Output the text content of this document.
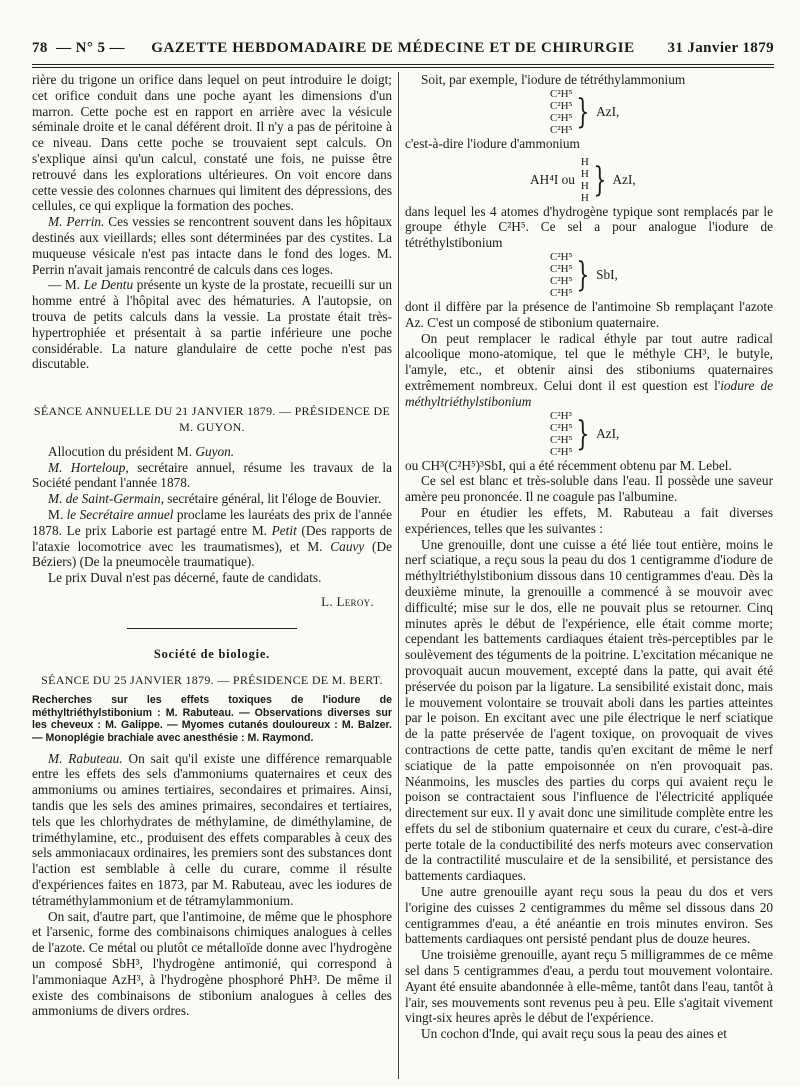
78 — N° 5 —	GAZETTE HEBDOMADAIRE DE MÉDECINE ET DE CHIRURGIE	31 Janvier 1879

rière du trigone un orifice dans lequel on peut introduire le doigt; cet orifice conduit dans une poche ayant les dimensions d'un marron. Cette poche est en rapport en arrière avec la vésicule séminale droite et le canal déférent droit. Il n'y a pas de péritoine à ce niveau. Dans cette poche se trouvaient sept calculs. On s'explique ainsi qu'un calcul, constaté une fois, ne puisse être retrouvé dans les explorations ultérieures. On voit encore dans cette vessie des colonnes charnues qui limitent des dépressions, des cellules, ce qui explique la formation des poches.

M. Perrin. Ces vessies se rencontrent souvent dans les hôpitaux destinés aux vieillards; elles sont déterminées par des cystites. La muqueuse vésicale n'est pas intacte dans le fond des loges. M. Perrin n'avait jamais rencontré de calculs dans ces loges.

— M. Le Dentu présente un kyste de la prostate, recueilli sur un homme entré à l'hôpital avec des hématuries. A l'autopsie, on trouva de petits calculs dans la vessie. La prostate était très-hypertrophiée et présentait à sa partie inférieure une poche considérable. La nature glandulaire de cette poche n'est pas discutable.

SÉANCE ANNUELLE DU 21 JANVIER 1879. — PRÉSIDENCE DE M. GUYON.

Allocution du président M. Guyon.

M. Horteloup, secrétaire annuel, résume les travaux de la Société pendant l'année 1878.

M. de Saint-Germain, secrétaire général, lit l'éloge de Bouvier.

M. le Secrétaire annuel proclame les lauréats des prix de l'année 1878. Le prix Laborie est partagé entre M. Petit (Des rapports de l'ataxie locomotrice avec les traumatismes), et M. Cauvy (De Béziers) (De la pneumocèle traumatique).

Le prix Duval n'est pas décerné, faute de candidats.

L. Leroy.

Société de biologie.

SÉANCE DU 25 JANVIER 1879. — PRÉSIDENCE DE M. BERT.

Recherches sur les effets toxiques de l'iodure de méthyltriéthylstibonium : M. Rabuteau. — Observations diverses sur les cheveux : M. Galippe. — Myomes cutanés douloureux : M. Balzer. — Monoplégie brachiale avec anesthésie : M. Raymond.

M. Rabuteau. On sait qu'il existe une différence remarquable entre les effets des sels d'ammoniums quaternaires et ceux des ammoniums ou amines tertiaires, secondaires et primaires. Ainsi, tandis que les sels des amines primaires, secondaires et tertiaires, tels que les chlorhydrates de méthylamine, de diméthylamine, de triméthylamine, etc., produisent des effets comparables à ceux des sels ammoniacaux ordinaires, les premiers sont des substances dont l'action est semblable à celle du curare, comme il résulte d'expériences faites en 1873, par M. Rabuteau, avec les iodures de tétraméthylammonium et de tétramylammonium.

On sait, d'autre part, que l'antimoine, de même que le phosphore et l'arsenic, forme des combinaisons chimiques analogues à celles de l'azote. Ce métal ou plutôt ce métalloïde donne avec l'hydrogène un composé SbH³, l'hydrogène antimonié, qui correspond à l'ammoniaque AzH³, à l'hydrogène phosphoré PhH³. De même il existe des combinaisons de stibonium analogues à celles des ammoniums de divers ordres.

Soit, par exemple, l'iodure de tétréthylammonium

C²H⁵
C²H⁵
C²H⁵
C²H⁵ } AzI,

c'est-à-dire l'iodure d'ammonium

AH⁴I ou
H
H
H
H } AzI,

dans lequel les 4 atomes d'hydrogène typique sont remplacés par le groupe éthyle C²H⁵. Ce sel a pour analogue l'iodure de tétréthylstibonium

C²H⁵
C²H⁵
C²H⁵
C²H⁵ } SbI,

dont il diffère par la présence de l'antimoine Sb remplaçant l'azote Az. C'est un composé de stibonium quaternaire.

On peut remplacer le radical éthyle par tout autre radical alcoolique mono-atomique, tel que le méthyle CH³, le butyle, l'amyle, etc., et obtenir ainsi des stiboniums quaternaires extrêmement nombreux. Celui dont il est question est l'iodure de méthyltriéthylstibonium

C²H³
C²H⁵
C²H⁵
C²H⁵ } AzI,

ou CH³(C²H⁵)³SbI, qui a été récemment obtenu par M. Lebel.

Ce sel est blanc et très-soluble dans l'eau. Il possède une saveur amère peu prononcée. Il ne coagule pas l'albumine.

Pour en étudier les effets, M. Rabuteau a fait diverses expériences, telles que les suivantes :

Une grenouille, dont une cuisse a été liée tout entière, moins le nerf sciatique, a reçu sous la peau du dos 1 centigramme d'iodure de méthyltriéthylstibonium dissous dans 10 centigrammes d'eau. Dès la deuxième minute, la grenouille a commencé à se mouvoir avec difficulté; mise sur le dos, elle ne pouvait plus se retourner. Cinq minutes après le début de l'expérience, elle était comme morte; cependant les battements cardiaques étaient très-perceptibles par le soulèvement des téguments de la poitrine. L'excitation mécanique ne provoquait aucun mouvement, excepté dans la patte, qui avait été préservée du poison par la ligature. La sensibilité existait donc, mais le mouvement volontaire se trouvait aboli dans les parties atteintes par le poison. En excitant avec une pile électrique le nerf sciatique de la patte préservée de l'agent toxique, on provoquait de vives contractions de cette patte, tandis qu'en excitant de même le nerf sciatique de la patte empoisonnée on n'en provoquait pas. Néanmoins, les muscles des parties du corps qui avaient reçu le poison se contractaient sous l'influence de l'électricité appliquée directement sur eux. Il y avait donc une similitude complète entre les effets du sel de stibonium quaternaire et ceux du curare, c'est-à-dire perte totale de la conductibilité des nerfs moteurs avec conservation de la contractilité musculaire et de la sensibilité, et persistance des battements cardiaques.

Une autre grenouille ayant reçu sous la peau du dos et vers l'origine des cuisses 2 centigrammes du même sel dissous dans 20 centigrammes d'eau, a été anéantie en trois minutes environ. Ses battements cardiaques ont persisté pendant plus de douze heures.

Une troisième grenouille, ayant reçu 5 milligrammes de ce même sel dans 5 centigrammes d'eau, a perdu tout mouvement volontaire. Ayant été ensuite abandonnée à elle-même, tantôt dans l'eau, tantôt à l'air, ses mouvements sont revenus peu à peu. Elle s'agitait vivement vingt-six heures après le début de l'expérience.

Un cochon d'Inde, qui avait reçu sous la peau des aines et
